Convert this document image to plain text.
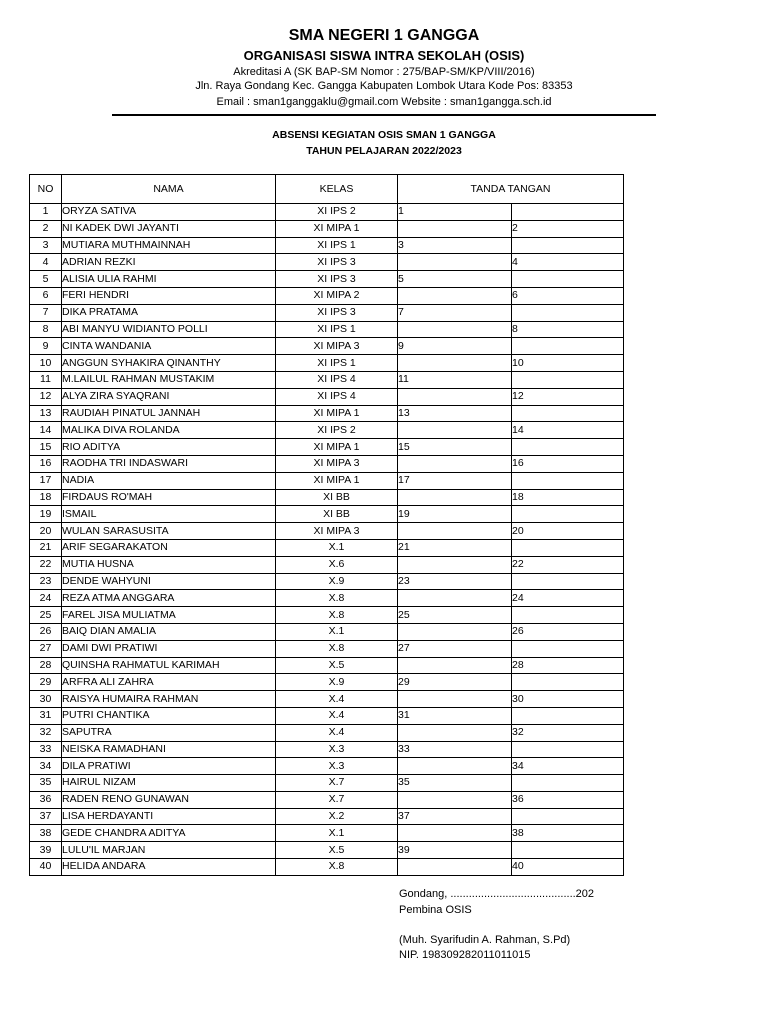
SMA NEGERI 1 GANGGA
ORGANISASI SISWA INTRA SEKOLAH (OSIS)
Akreditasi A (SK BAP-SM Nomor : 275/BAP-SM/KP/VIII/2016)
Jln. Raya Gondang Kec. Gangga Kabupaten Lombok Utara Kode Pos: 83353
Email : sman1ganggaklu@gmail.com Website : sman1gangga.sch.id
ABSENSI KEGIATAN OSIS SMAN 1 GANGGA
TAHUN PELAJARAN 2022/2023
NO	NAMA	KELAS	TANDA TANGAN	
1	ORYZA SATIVA	XI IPS 2	1	
2	NI KADEK DWI JAYANTI	XI MIPA 1		2
3	MUTIARA MUTHMAINNAH	XI IPS 1	3	
4	ADRIAN REZKI	XI IPS 3		4
5	ALISIA ULIA RAHMI	XI IPS 3	5	
6	FERI HENDRI	XI MIPA 2		6
7	DIKA PRATAMA	XI IPS 3	7	
8	ABI MANYU WIDIANTO POLLI	XI IPS 1		8
9	CINTA WANDANIA	XI MIPA 3	9	
10	ANGGUN SYHAKIRA QINANTHY	XI IPS 1		10
11	M.LAILUL RAHMAN MUSTAKIM	XI IPS 4	11	
12	ALYA ZIRA SYAQRANI	XI IPS 4		12
13	RAUDIAH PINATUL JANNAH	XI MIPA 1	13	
14	MALIKA DIVA ROLANDA	XI IPS 2		14
15	RIO ADITYA	XI MIPA 1	15	
16	RAODHA TRI INDASWARI	XI MIPA 3		16
17	NADIA	XI MIPA 1	17	
18	FIRDAUS RO'MAH	XI BB		18
19	ISMAIL	XI BB	19	
20	WULAN SARASUSITA	XI MIPA 3		20
21	ARIF SEGARAKATON	X.1	21	
22	MUTIA HUSNA	X.6		22
23	DENDE WAHYUNI	X.9	23	
24	REZA ATMA ANGGARA	X.8		24
25	FAREL JISA MULIATMA	X.8	25	
26	BAIQ DIAN AMALIA	X.1		26
27	DAMI DWI PRATIWI	X.8	27	
28	QUINSHA RAHMATUL KARIMAH	X.5		28
29	ARFRA ALI ZAHRA	X.9	29	
30	RAISYA HUMAIRA RAHMAN	X.4		30
31	PUTRI CHANTIKA	X.4	31	
32	SAPUTRA	X.4		32
33	NEISKA RAMADHANI	X.3	33	
34	DILA PRATIWI	X.3		34
35	HAIRUL NIZAM	X.7	35	
36	RADEN RENO GUNAWAN	X.7		36
37	LISA HERDAYANTI	X.2	37	
38	GEDE CHANDRA ADITYA	X.1		38
39	LULU'IL MARJAN	X.5	39	
40	HELIDA ANDARA	X.8		40
Gondang, .........................................202
Pembina OSIS
(Muh. Syarifudin A. Rahman, S.Pd)
NIP. 198309282011011015
